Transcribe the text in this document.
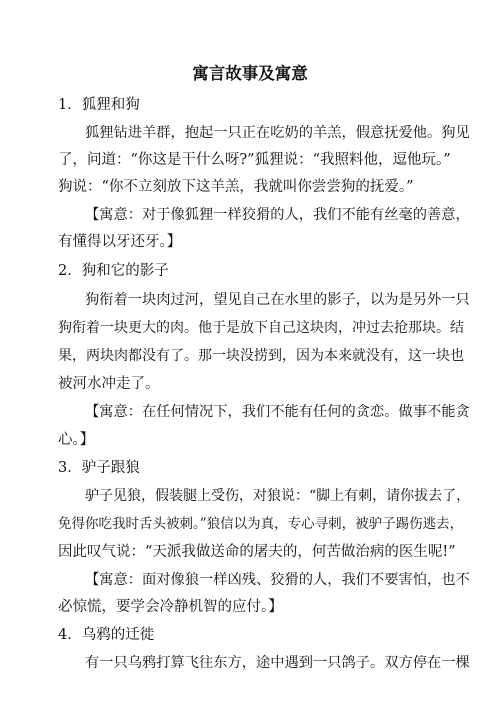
寓言故事及寓意
1．狐狸和狗
狐狸钻进羊群，抱起一只正在吃奶的羊羔，假意抚爱他。狗见
了，问道：“你这是干什么呀?”狐狸说：“我照料他，逗他玩。”
狗说：“你不立刻放下这羊羔，我就叫你尝尝狗的抚爱。”
【寓意：对于像狐狸一样狡猾的人，我们不能有丝毫的善意，
有懂得以牙还牙。】
2．狗和它的影子
狗衔着一块肉过河，望见自己在水里的影子，以为是另外一只
狗衔着一块更大的肉。他于是放下自己这块肉，冲过去抢那块。结
果，两块肉都没有了。那一块没捞到，因为本来就没有，这一块也
被河水冲走了。
【寓意：在任何情况下，我们不能有任何的贪恋。做事不能贪
心。】
3．驴子跟狼
驴子见狼，假装腿上受伤，对狼说：“脚上有刺，请你拔去了，
免得你吃我时舌头被刺。”狼信以为真，专心寻刺，被驴子踢伤逃去，
因此叹气说：“天派我做送命的屠夫的，何苦做治病的医生呢!”
【寓意：面对像狼一样凶残、狡猾的人，我们不要害怕，也不
必惊慌，要学会冷静机智的应付。】
4．乌鸦的迁徙
有一只乌鸦打算飞往东方，途中遇到一只鸽子。双方停在一棵
